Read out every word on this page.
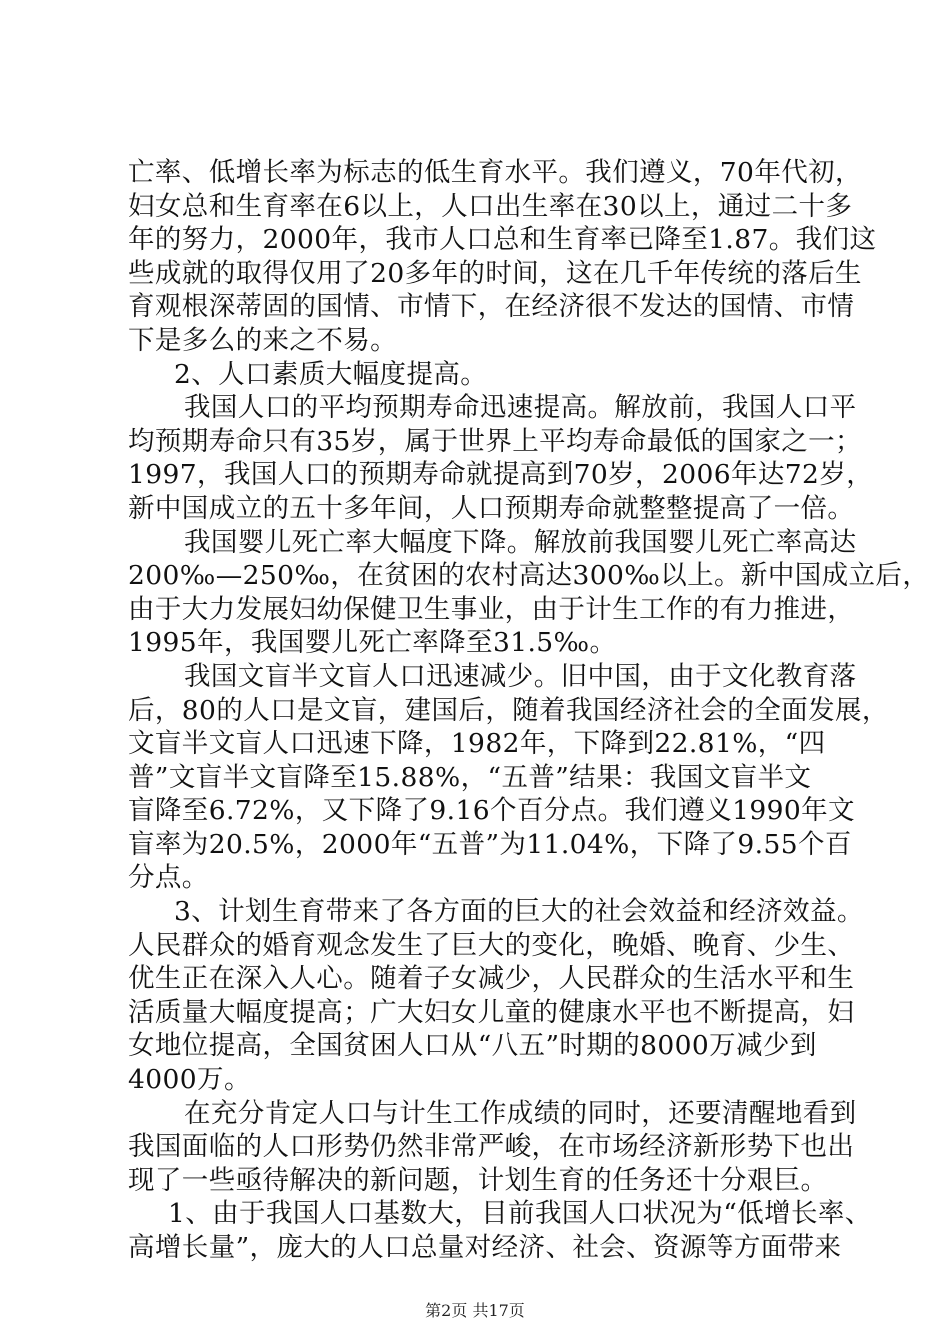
亡率、低增长率为标志的低生育水平。我们遵义，70年代初，
妇女总和生育率在6以上，人口出生率在30以上，通过二十多
年的努力，2000年，我市人口总和生育率已降至1.87。我们这
些成就的取得仅用了20多年的时间，这在几千年传统的落后生
育观根深蒂固的国情、市情下，在经济很不发达的国情、市情
下是多么的来之不易。
2、人口素质大幅度提高。
我国人口的平均预期寿命迅速提高。解放前，我国人口平
均预期寿命只有35岁，属于世界上平均寿命最低的国家之一；
1997，我国人口的预期寿命就提高到70岁，2006年达72岁，
新中国成立的五十多年间，人口预期寿命就整整提高了一倍。
我国婴儿死亡率大幅度下降。解放前我国婴儿死亡率高达
200‰—250‰，在贫困的农村高达300‰以上。新中国成立后，
由于大力发展妇幼保健卫生事业，由于计生工作的有力推进，
1995年，我国婴儿死亡率降至31.5‰。
我国文盲半文盲人口迅速减少。旧中国，由于文化教育落
后，80的人口是文盲，建国后，随着我国经济社会的全面发展，
文盲半文盲人口迅速下降，1982年，下降到22.81%，“四
普”文盲半文盲降至15.88%，“五普”结果：我国文盲半文
盲降至6.72%，又下降了9.16个百分点。我们遵义1990年文
盲率为20.5%，2000年“五普”为11.04%，下降了9.55个百
分点。
3、计划生育带来了各方面的巨大的社会效益和经济效益。
人民群众的婚育观念发生了巨大的变化，晚婚、晚育、少生、
优生正在深入人心。随着子女减少，人民群众的生活水平和生
活质量大幅度提高；广大妇女儿童的健康水平也不断提高，妇
女地位提高，全国贫困人口从“八五”时期的8000万减少到
4000万。
在充分肯定人口与计生工作成绩的同时，还要清醒地看到
我国面临的人口形势仍然非常严峻，在市场经济新形势下也出
现了一些亟待解决的新问题，计划生育的任务还十分艰巨。
1、由于我国人口基数大，目前我国人口状况为“低增长率、
高增长量”，庞大的人口总量对经济、社会、资源等方面带来
第2页 共17页
